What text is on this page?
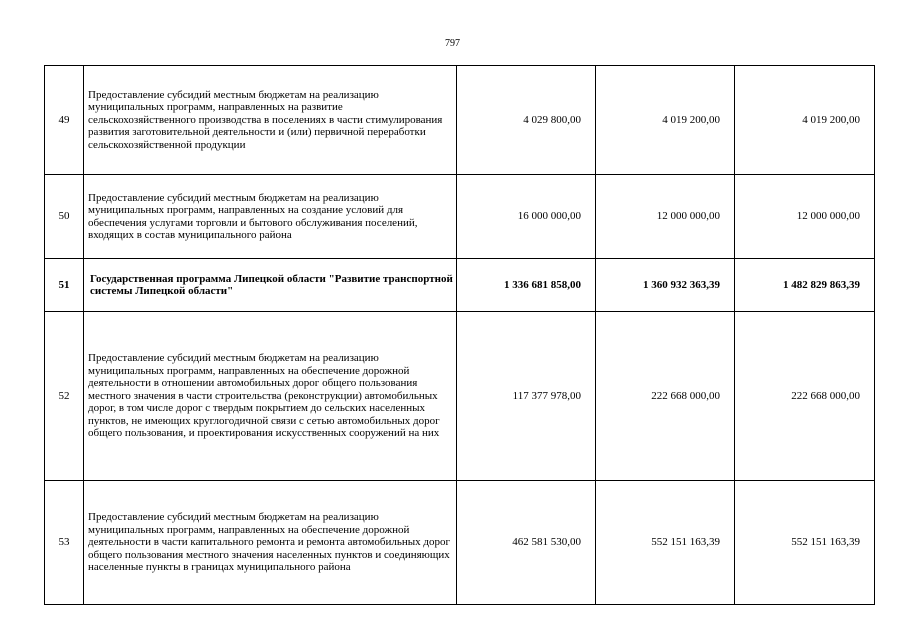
797
49	Предоставление субсидий местным бюджетам на реализацию муниципальных программ, направленных на развитие сельскохозяйственного производства в поселениях в части стимулирования развития заготовительной деятельности и (или) первичной переработки сельскохозяйственной продукции	4 029 800,00	4 019 200,00	4 019 200,00
50	Предоставление субсидий местным бюджетам на реализацию муниципальных программ, направленных на создание условий для обеспечения услугами торговли и бытового обслуживания поселений, входящих в состав муниципального района	16 000 000,00	12 000 000,00	12 000 000,00
51	Государственная программа Липецкой области "Развитие транспортной системы Липецкой области"	1 336 681 858,00	1 360 932 363,39	1 482 829 863,39
52	Предоставление субсидий местным бюджетам на реализацию муниципальных программ, направленных на обеспечение дорожной деятельности в отношении автомобильных дорог общего пользования местного значения в части строительства (реконструкции) автомобильных дорог, в том числе дорог с твердым покрытием до сельских населенных пунктов, не имеющих круглогодичной связи с сетью автомобильных дорог общего пользования, и проектирования искусственных сооружений на них	117 377 978,00	222 668 000,00	222 668 000,00
53	Предоставление субсидий местным бюджетам на реализацию муниципальных программ, направленных на обеспечение дорожной деятельности в части капитального ремонта и ремонта автомобильных дорог общего пользования местного значения населенных пунктов и соединяющих населенные пункты в границах муниципального района	462 581 530,00	552 151 163,39	552 151 163,39
